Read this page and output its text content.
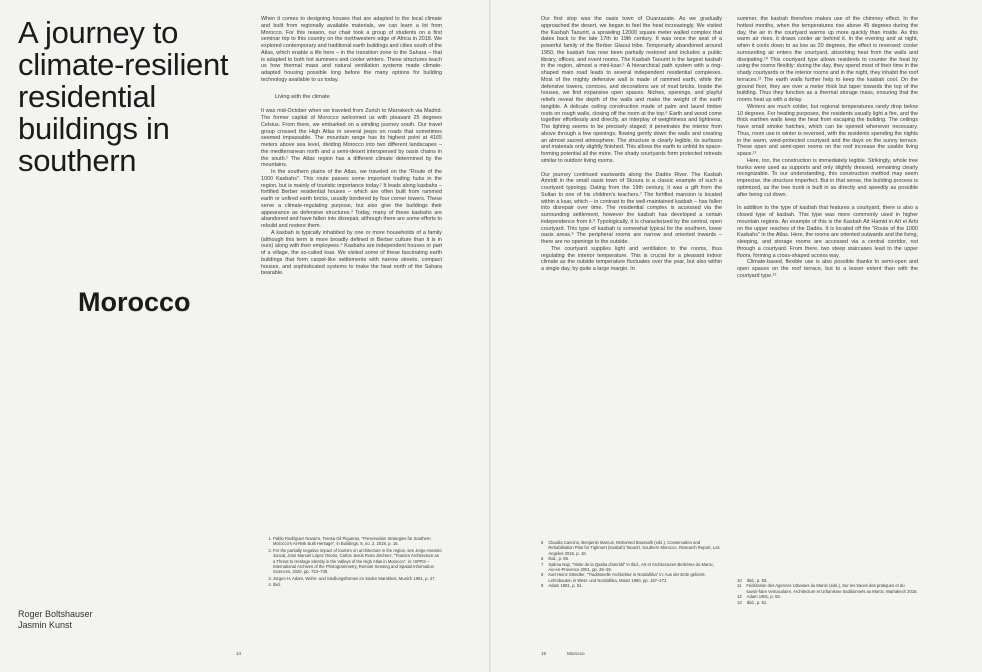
A journey to climate-resilient residential buildings in southern
Morocco
Roger Boltshauser
Jasmin Kunst

When it comes to designing houses that are adapted to the local climate and built from regionally available materials, we can learn a lot from Morocco. For this reason, our chair took a group of students on a first seminar trip to this country on the northwestern edge of Africa in 2018. We explored contemporary and traditional earth buildings and cities south of the Atlas, which enable a life here – in the transition zone to the Sahara – that is adapted to both hot summers and cooler winters. These structures teach us how thermal mass and natural ventilation systems made climate-adapted housing possible long before the many options for building technology available to us today.

Living with the climate

It was mid-October when we traveled from Zurich to Marrakech via Madrid. The former capital of Morocco welcomed us with pleasant 25 degrees Celsius. From there, we embarked on a winding journey south. Our travel group crossed the High Atlas in several jeeps on roads that sometimes seemed impassable. The mountain range has its highest point at 4165 meters above sea level, dividing Morocco into two different landscapes – the mediterranean north and a semi-desert interspersed by oasis chains in the south.¹ The Atlas region has a different climate determined by the mountains.

In the southern plains of the Atlas, we traveled on the "Route of the 1000 Kasbahs". This route passes some important trading hubs in the region, but is mainly of touristic importance today.² It leads along kasbahs – fortified Berber residential houses – which are often built from rammed earth or unfired earth bricks, usually bordered by four corner towers. These serve a climate-regulating purpose, but also give the buildings their appearance as defensive structures.³ Today, many of these kasbahs are abandoned and have fallen into disrepair, although there are some efforts to rebuild and restore them.

A kasbah is typically inhabited by one or more households of a family (although this term is more broadly defined in Berber culture than it is in ours) along with their employees.⁴ Kasbahs are independent houses or part of a village, the so-called ksar. We visited some of these fascinating earth buildings that form carpet-like settlements with narrow streets, compact houses, and sophisticated systems to make the heat north of the Sahara bearable.

1. Pablo Rodríguez Navarro, Teresa Gil Piqueras, "Preservation Strategies for Southern Morocco's At-Risk Built Heritage", in Buildings, 8, no. 2, 2018, p. 16.
2. For the partially negative impact of tourism on architecture in the region, see Jorge Asensio Juncal, José Manuel López Osorio, Carlos Jesús Rosa Jiménez, "Tourism Architecture as a Threat to Heritage Identity in the Valleys of the High Atlas in Morocco", in: ISPRS – International Archives of the Photogrammetry, Remote Sensing and Spatial Information Sciences, 2020, pp. 723–730.
3. Jürgen H. Adam, Wohn- und Siedlungsformen im Süden Marokkos, Munich 1981, p. 47.
4. Ibid.
14

Our first stop was the oasis town of Ouarzazate. As we gradually approached the desert, we began to feel the heat increasingly. We visited the Kasbah Taourirt, a sprawling 12000 square meter walled complex that dates back to the late 17th to 19th century. It was once the seat of a powerful family of the Berber Glaoui tribe. Temporarily abandoned around 1950, the kasbah has now been partially restored and includes a public library, offices, and event rooms. The Kasbah Taourirt is the largest kasbah in the region, almost a mini-ksar.⁵ A hierarchical path system with a ring-shaped main road leads to several independent residential complexes. Most of the mighty defensive wall is made of rammed earth, while the defensive towers, cornices, and decorations are of mud bricks. Inside the houses, we find expansive open spaces. Niches, openings, and playful reliefs reveal the depth of the walls and make the weight of the earth tangible. A delicate ceiling construction made of palm and laurel timber rests on rough walls, closing off the room at the top.⁶ Earth and wood come together effortlessly and directly, an interplay of weightiness and lightness. The lighting seems to be precisely staged; it penetrates the interior from above through a few openings, flowing gently down the walls and creating an almost sacred atmosphere. The structure is clearly legible, its surfaces and materials only slightly finished. This allows the earth to unfold its space-forming potential all the more. The shady courtyards form protected retreats similar to outdoor living rooms.

Our journey continued eastwards along the Dadès River. The Kasbah Amridil in the small oasis town of Skoura is a classic example of such a courtyard typology. Dating from the 19th century, it was a gift from the Sultan to one of his children's teachers.⁷ The fortified mansion is located within a ksar, which – in contrast to the well-maintained kasbah – has fallen into disrepair over time. The residential complex is accessed via the surrounding settlement, however the kasbah has developed a certain independence from it.⁸ Typologically, it is characterized by the central, open courtyard. This type of kasbah is somewhat typical for the southern, lower oasis areas.⁹ The peripheral rooms are narrow and oriented inwards – there are no openings to the outside.

The courtyard supplies light and ventilation to the rooms, thus regulating the interior temperature. This is crucial for a pleasant indoor climate as the outside temperature fluctuates over the year, but also within a single day, by quite a large margin. In

summer, the kasbah therefore makes use of the chimney effect. In the hottest months, when the temperatures rise above 45 degrees during the day, the air in the courtyard warms up more quickly than inside. As this warm air rises, it draws cooler air behind it. In the evening and at night, when it cools down to as low as 20 degrees, the effect is reversed: cooler surrounding air enters the courtyard, absorbing heat from the walls and dissipating.¹⁰ This courtyard type allows residents to counter the heat by using the rooms flexibly: during the day, they spend most of their time in the shady courtyards or the interior rooms and in the night, they inhabit the roof terraces.¹¹ The earth walls further help to keep the kasbah cool. On the ground floor, they are over a meter thick but taper towards the top of the building. Thus they function as a thermal storage mass, ensuring that the rooms heat up with a delay.

Winters are much colder, but regional temperatures rarely drop below 10 degrees. For heating purposes, the residents usually light a fire, and the thick earthen walls keep the heat from escaping the building. The ceilings have small smoke hatches, which can be opened whenever necessary. Thus, room use in winter is reversed, with the residents spending the nights in the warm, wind-protected courtyard and the days on the sunny terrace. These open and semi-open rooms on the roof increase the usable living space.¹²

Here, too, the construction is immediately legible. Strikingly, whole tree trunks were used as supports and only slightly dressed, remaining clearly recognizable. To our understanding, this construction method may seem imprecise, the structure imperfect. But in that sense, the building process is optimized, as the tree trunk is built in as directly and speedily as possible after being cut down.

In addition to the type of kasbah that features a courtyard, there is also a closed type of kasbah. This type was more commonly used in higher mountain regions. An example of this is the Kasbah Aït Hamid in Aït el Arbi on the upper reaches of the Dadès. It is located off the "Route of the 1000 Kasbahs" in the Atlas. Here, the rooms are oriented outwards and the living, sleeping, and storage rooms are accessed via a central corridor, not through a courtyard. From there, two steep staircases lead to the upper floors, forming a cross-shaped access way.

Climate-based, flexible use is also possible thanks to semi-open and open spaces on the roof terrace, but to a lesser extent than with the courtyard type.¹³

5 Claudia Cancino, Benjamin Marcus, Mohamed Boussalh (eds.), Conservation and Rehabilitation Plan for Tighmert (Kasbah) Taourirt. Southern Morocco. Research Report, Los Angeles 2015, p. 18.
6 Ibid., p. 85.
7 Salima Naji, "Visite de la Qasba d'amridil" in Ibid., Art et Architectures Berbères du Maroc, Aix-en-Provence 2001, pp. 25–26.
8 Karl Heinz Striedter, "Traditionelle Architektur in Nordafrika" in: Aus der Erde geformt. Lehmbauten in West- und Nordafrika, Mainz 1990, pp. 157–171.
9 Adam 1981, p. 51.
10 Ibid., p. 83.
11 Fédération des Agences Urbaines du Maroc (eds.), Sur les traces des pratiques et du savoir-faire vernaculaire, Architecture et Urbanisme traditionnels au Maroc, Marrakech 2018.
12 Adam 1981, p. 53.
13 Ibid., p. 61.
15	Morocco
